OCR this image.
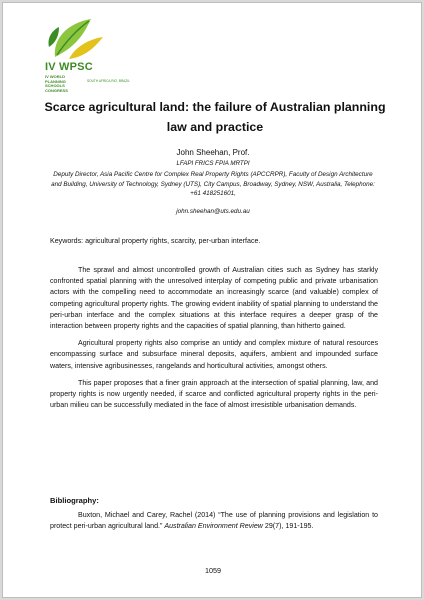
IV WPSC
IV WORLD PLANNING SCHOOLS CONGRESS
SOUTH AFRICA RIO, BRAZIL
Scarce agricultural land: the failure of Australian planning law and practice
John Sheehan, Prof.
LFAPI FRICS FPIA MRTPI
Deputy Director, Asia Pacific Centre for Complex Real Property Rights (APCCRPR), Faculty of Design Architecture and Building, University of Technology, Sydney (UTS), City Campus, Broadway, Sydney, NSW, Australia, Telephone: +61 418251601,
john.sheehan@uts.edu.au
Keywords: agricultural property rights, scarcity, per-urban interface.

The sprawl and almost uncontrolled growth of Australian cities such as Sydney has starkly confronted spatial planning with the unresolved interplay of competing public and private urbanisation actors with the compelling need to accommodate an increasingly scarce (and valuable) complex of competing agricultural property rights. The growing evident inability of spatial planning to understand the peri-urban interface and the complex situations at this interface requires a deeper grasp of the interaction between property rights and the capacities of spatial planning, than hitherto gained.

Agricultural property rights also comprise an untidy and complex mixture of natural resources encompassing surface and subsurface mineral deposits, aquifers, ambient and impounded surface waters, intensive agribusinesses, rangelands and horticultural activities, amongst others.

This paper proposes that a finer grain approach at the intersection of spatial planning, law, and property rights is now urgently needed, if scarce and conflicted agricultural property rights in the peri-urban milieu can be successfully mediated in the face of almost irresistible urbanisation demands.

Bibliography:
Buxton, Michael and Carey, Rachel (2014) “The use of planning provisions and legislation to protect peri-urban agricultural land.” Australian Environment Review 29(7), 191-195.
1059
